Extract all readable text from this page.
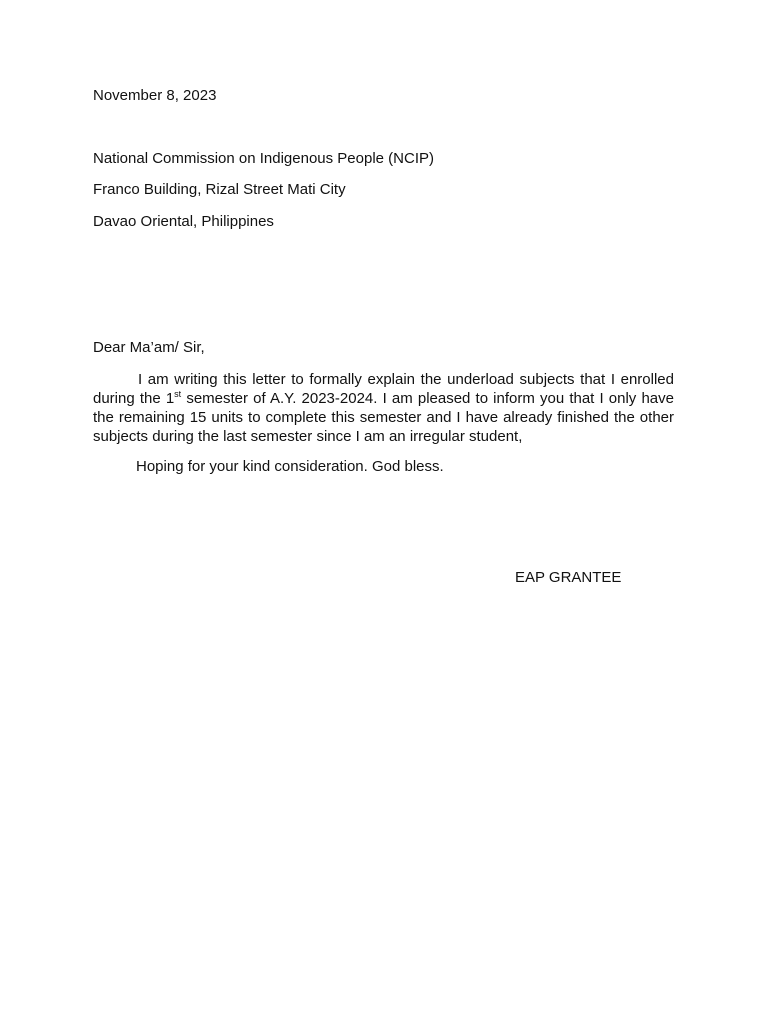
November 8, 2023
National Commission on Indigenous People (NCIP)
Franco Building, Rizal Street Mati City
Davao Oriental, Philippines
Dear Ma’am/ Sir,
I am writing this letter to formally explain the underload subjects that I enrolled during the 1st semester of A.Y. 2023-2024. I am pleased to inform you that I only have the remaining 15 units to complete this semester and I have already finished the other subjects during the last semester since I am an irregular student,
Hoping for your kind consideration. God bless.
EAP GRANTEE
